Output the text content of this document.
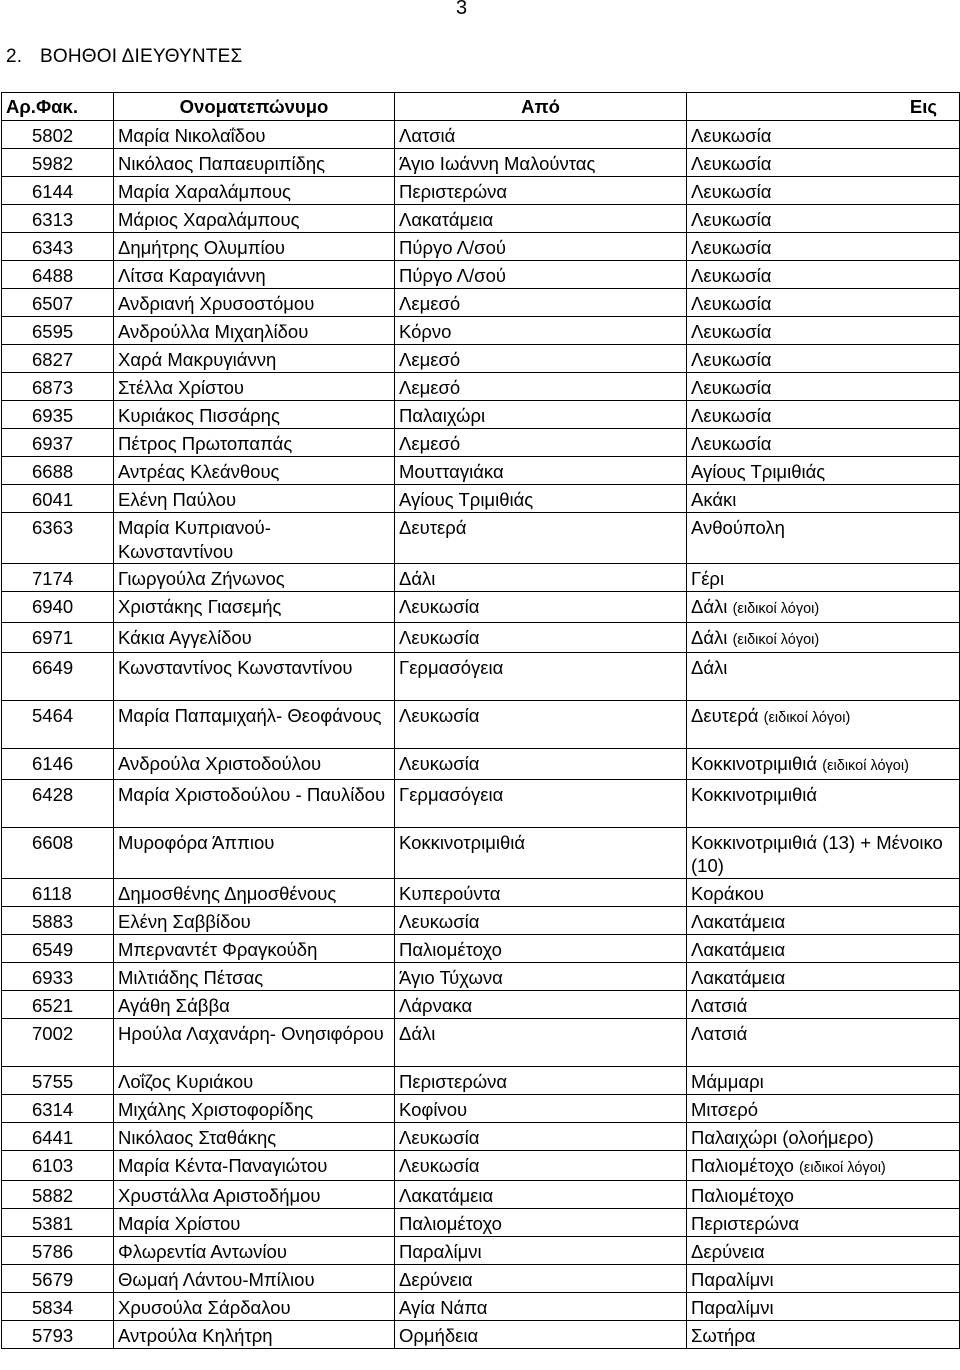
3
2. ΒΟΗΘΟΙ ΔΙΕΥΘΥΝΤΕΣ
Αρ.Φακ.	Ονοματεπώνυμο	Από	Εις
5802	Μαρία Νικολαΐδου	Λατσιά	Λευκωσία
5982	Νικόλαος Παπαευριπίδης	Άγιο Ιωάννη Μαλούντας	Λευκωσία
6144	Μαρία Χαραλάμπους	Περιστερώνα	Λευκωσία
6313	Μάριος Χαραλάμπους	Λακατάμεια	Λευκωσία
6343	Δημήτρης Ολυμπίου	Πύργο Λ/σού	Λευκωσία
6488	Λίτσα Καραγιάννη	Πύργο Λ/σού	Λευκωσία
6507	Ανδριανή Χρυσοστόμου	Λεμεσό	Λευκωσία
6595	Ανδρούλλα Μιχαηλίδου	Κόρνο	Λευκωσία
6827	Χαρά Μακρυγιάννη	Λεμεσό	Λευκωσία
6873	Στέλλα Χρίστου	Λεμεσό	Λευκωσία
6935	Κυριάκος Πισσάρης	Παλαιχώρι	Λευκωσία
6937	Πέτρος Πρωτοπαπάς	Λεμεσό	Λευκωσία
6688	Αντρέας Κλεάνθους	Μουτταγιάκα	Αγίους Τριμιθιάς
6041	Ελένη Παύλου	Αγίους Τριμιθιάς	Ακάκι
6363	Μαρία Κυπριανού- Κωνσταντίνου	Δευτερά	Ανθούπολη
7174	Γιωργούλα Ζήνωνος	Δάλι	Γέρι
6940	Χριστάκης Γιασεμής	Λευκωσία	Δάλι (ειδικοί λόγοι)
6971	Κάκια Αγγελίδου	Λευκωσία	Δάλι (ειδικοί λόγοι)
6649	Κωνσταντίνος Κωνσταντίνου	Γερμασόγεια	Δάλι
5464	Μαρία Παπαμιχαήλ- Θεοφάνους	Λευκωσία	Δευτερά (ειδικοί λόγοι)
6146	Ανδρούλα Χριστοδούλου	Λευκωσία	Κοκκινοτριμιθιά (ειδικοί λόγοι)
6428	Μαρία Χριστοδούλου - Παυλίδου	Γερμασόγεια	Κοκκινοτριμιθιά
6608	Μυροφόρα Άππιου	Κοκκινοτριμιθιά	Κοκκινοτριμιθιά (13) + Μένοικο (10)
6118	Δημοσθένης Δημοσθένους	Κυπερούντα	Κοράκου
5883	Ελένη Σαββίδου	Λευκωσία	Λακατάμεια
6549	Μπερναντέτ Φραγκούδη	Παλιομέτοχο	Λακατάμεια
6933	Μιλτιάδης Πέτσας	Άγιο Τύχωνα	Λακατάμεια
6521	Αγάθη Σάββα	Λάρνακα	Λατσιά
7002	Ηρούλα Λαχανάρη- Ονησιφόρου	Δάλι	Λατσιά
5755	Λοΐζος Κυριάκου	Περιστερώνα	Μάμμαρι
6314	Μιχάλης Χριστοφορίδης	Κοφίνου	Μιτσερό
6441	Νικόλαος Σταθάκης	Λευκωσία	Παλαιχώρι (ολοήμερο)
6103	Μαρία Κέντα-Παναγιώτου	Λευκωσία	Παλιομέτοχο (ειδικοί λόγοι)
5882	Χρυστάλλα Αριστοδήμου	Λακατάμεια	Παλιομέτοχο
5381	Μαρία Χρίστου	Παλιομέτοχο	Περιστερώνα
5786	Φλωρεντία Αντωνίου	Παραλίμνι	Δερύνεια
5679	Θωμαή Λάντου-Μπίλιου	Δερύνεια	Παραλίμνι
5834	Χρυσούλα Σάρδαλου	Αγία Νάπα	Παραλίμνι
5793	Αντρούλα Κηλήτρη	Ορμήδεια	Σωτήρα
